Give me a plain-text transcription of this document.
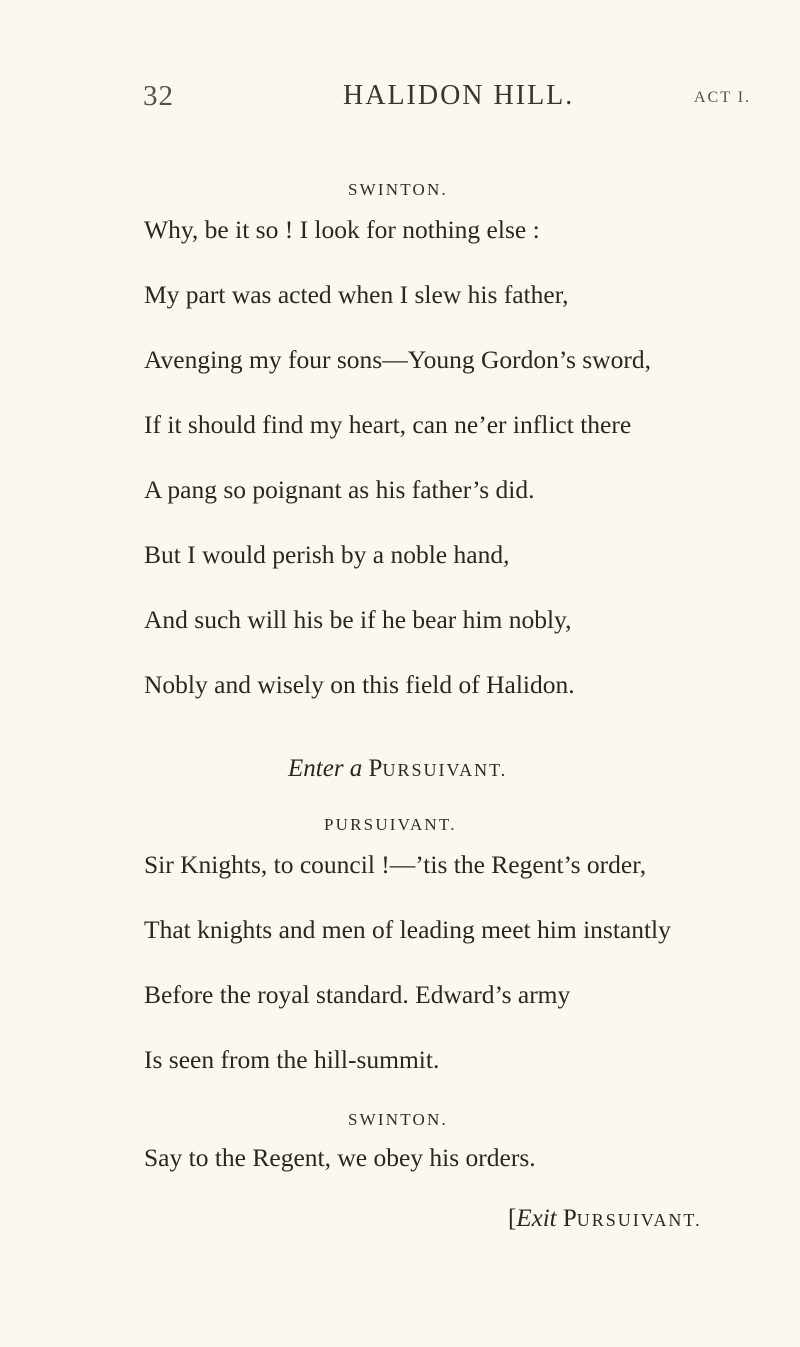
32	HALIDON HILL.	ACT I.
SWINTON.
Why, be it so ! I look for nothing else :
My part was acted when I slew his father,
Avenging my four sons—Young Gordon’s sword,
If it should find my heart, can ne’er inflict there
A pang so poignant as his father’s did.
But I would perish by a noble hand,
And such will his be if he bear him nobly,
Nobly and wisely on this field of Halidon.
Enter a PURSUIVANT.
PURSUIVANT.
Sir Knights, to council !—’tis the Regent’s order,
That knights and men of leading meet him instantly
Before the royal standard. Edward’s army
Is seen from the hill-summit.
SWINTON.
Say to the Regent, we obey his orders.
[Exit PURSUIVANT.
